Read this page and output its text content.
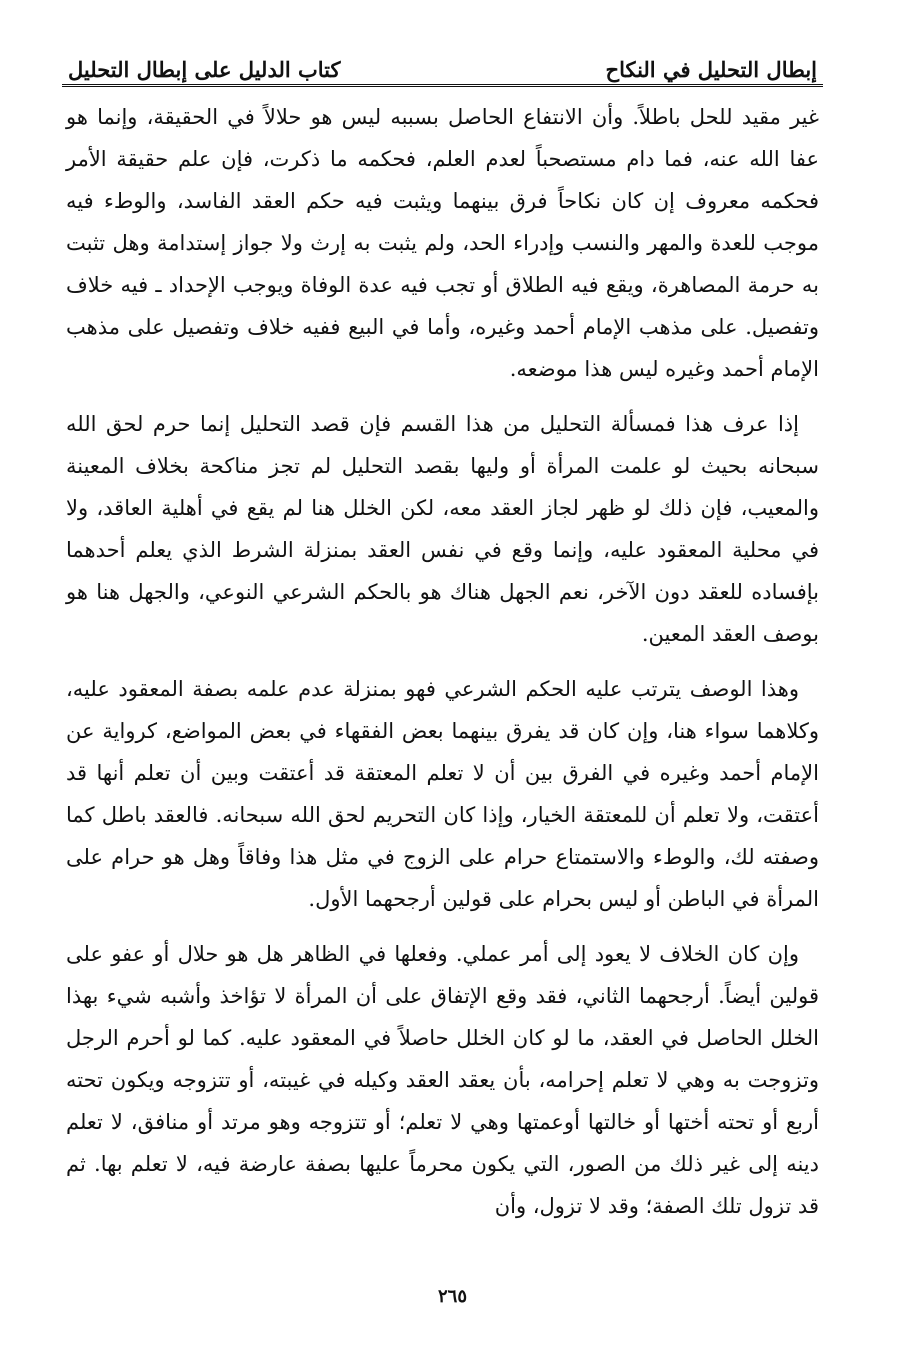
إبطال التحليل في النكاح
كتاب الدليل على إبطال التحليل

غير مقيد للحل باطلاً. وأن الانتفاع الحاصل بسببه ليس هو حلالاً في الحقيقة، وإنما هو عفا الله عنه، فما دام مستصحباً لعدم العلم، فحكمه ما ذكرت، فإن علم حقيقة الأمر فحكمه معروف إن كان نكاحاً فرق بينهما ويثبت فيه حكم العقد الفاسد، والوطء فيه موجب للعدة والمهر والنسب وإدراء الحد، ولم يثبت به إرث ولا جواز إستدامة وهل تثبت به حرمة المصاهرة، ويقع فيه الطلاق أو تجب فيه عدة الوفاة ويوجب الإحداد ـ فيه خلاف وتفصيل. على مذهب الإمام أحمد وغيره، وأما في البيع ففيه خلاف وتفصيل على مذهب الإمام أحمد وغيره ليس هذا موضعه.

إذا عرف هذا فمسألة التحليل من هذا القسم فإن قصد التحليل إنما حرم لحق الله سبحانه بحيث لو علمت المرأة أو وليها بقصد التحليل لم تجز مناكحة بخلاف المعينة والمعيب، فإن ذلك لو ظهر لجاز العقد معه، لكن الخلل هنا لم يقع في أهلية العاقد، ولا في محلية المعقود عليه، وإنما وقع في نفس العقد بمنزلة الشرط الذي يعلم أحدهما بإفساده للعقد دون الآخر، نعم الجهل هناك هو بالحكم الشرعي النوعي، والجهل هنا هو بوصف العقد المعين.

وهذا الوصف يترتب عليه الحكم الشرعي فهو بمنزلة عدم علمه بصفة المعقود عليه، وكلاهما سواء هنا، وإن كان قد يفرق بينهما بعض الفقهاء في بعض المواضع، كرواية عن الإمام أحمد وغيره في الفرق بين أن لا تعلم المعتقة قد أعتقت وبين أن تعلم أنها قد أعتقت، ولا تعلم أن للمعتقة الخيار، وإذا كان التحريم لحق الله سبحانه. فالعقد باطل كما وصفته لك، والوطء والاستمتاع حرام على الزوج في مثل هذا وفاقاً وهل هو حرام على المرأة في الباطن أو ليس بحرام على قولين أرجحهما الأول.

وإن كان الخلاف لا يعود إلى أمر عملي. وفعلها في الظاهر هل هو حلال أو عفو على قولين أيضاً. أرجحهما الثاني، فقد وقع الإتفاق على أن المرأة لا تؤاخذ وأشبه شيء بهذا الخلل الحاصل في العقد، ما لو كان الخلل حاصلاً في المعقود عليه. كما لو أحرم الرجل وتزوجت به وهي لا تعلم إحرامه، بأن يعقد العقد وكيله في غيبته، أو تتزوجه ويكون تحته أربع أو تحته أختها أو خالتها أوعمتها وهي لا تعلم؛ أو تتزوجه وهو مرتد أو منافق، لا تعلم دينه إلى غير ذلك من الصور، التي يكون محرماً عليها بصفة عارضة فيه، لا تعلم بها. ثم قد تزول تلك الصفة؛ وقد لا تزول، وأن

٢٦٥
